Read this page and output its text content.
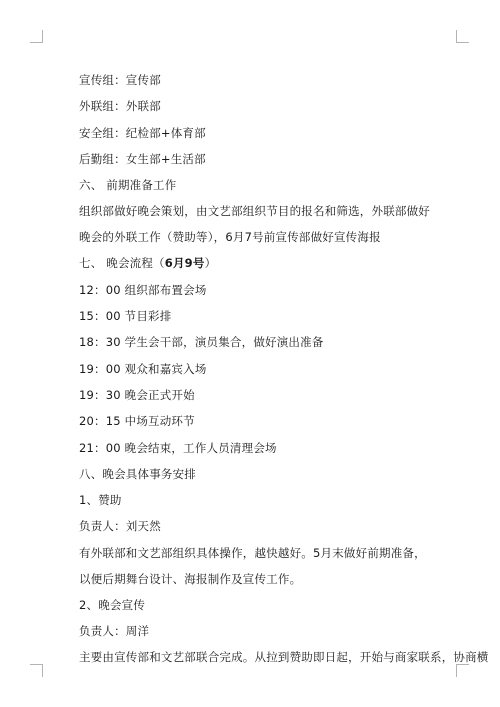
宣传组：宣传部
外联组：外联部
安全组：纪检部+体育部
后勤组：女生部+生活部
六、 前期准备工作
组织部做好晚会策划，由文艺部组织节目的报名和筛选，外联部做好晚会的外联工作（赞助等），6月7号前宣传部做好宣传海报
七、 晚会流程（6月9号）
12：00 组织部布置会场
15：00 节目彩排
18：30 学生会干部，演员集合，做好演出准备
19：00 观众和嘉宾入场
19：30 晚会正式开始
20：15 中场互动环节
21：00 晚会结束，工作人员清理会场
八、晚会具体事务安排
1、赞助
负责人：刘天然
有外联部和文艺部组织具体操作，越快越好。5月末做好前期准备，以便后期舞台设计、海报制作及宣传工作。
2、晚会宣传
负责人：周洋
主要由宣传部和文艺部联合完成。从拉到赞助即日起，开始与商家联系，协商横
